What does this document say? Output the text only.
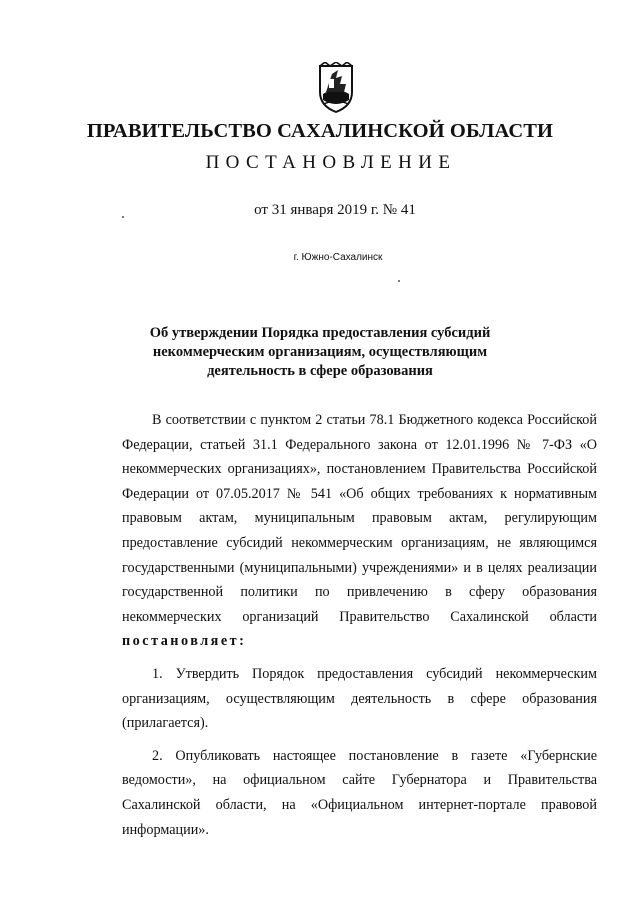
ПРАВИТЕЛЬСТВО САХАЛИНСКОЙ ОБЛАСТИ
ПОСТАНОВЛЕНИЕ
от 31 января 2019 г. № 41
г. Южно-Сахалинск
Об утверждении Порядка предоставления субсидий
некоммерческим организациям, осуществляющим
деятельность в сфере образования

В соответствии с пунктом 2 статьи 78.1 Бюджетного кодекса Российской Федерации, статьей 31.1 Федерального закона от 12.01.1996 № 7-ФЗ «О некоммерческих организациях», постановлением Правительства Российской Федерации от 07.05.2017 № 541 «Об общих требованиях к нормативным правовым актам, муниципальным правовым актам, регулирующим предоставление субсидий некоммерческим организациям, не являющимся государственными (муниципальными) учреждениями» и в целях реализации государственной политики по привлечению в сферу образования некоммерческих организаций Правительство Сахалинской области постановляет:

1. Утвердить Порядок предоставления субсидий некоммерческим организациям, осуществляющим деятельность в сфере образования (прилагается).

2. Опубликовать настоящее постановление в газете «Губернские ведомости», на официальном сайте Губернатора и Правительства Сахалинской области, на «Официальном интернет-портале правовой информации».
